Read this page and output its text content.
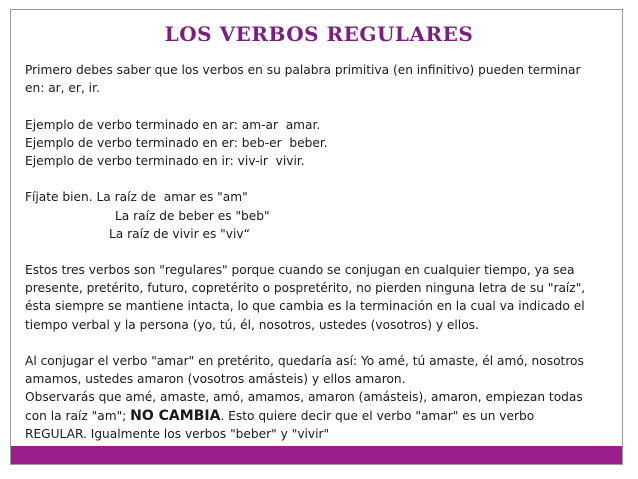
LOS VERBOS REGULARES
Primero debes saber que los verbos en su palabra primitiva (en infinitivo) pueden terminar
en: ar, er, ir.
Ejemplo de verbo terminado en ar: am-ar  amar.
Ejemplo de verbo terminado en er: beb-er  beber.
Ejemplo de verbo terminado en ir: viv-ir  vivir.
Fíjate bien. La raíz de  amar es "am"
La raíz de beber es "beb"
La raíz de vivir es "viv“
Estos tres verbos son "regulares" porque cuando se conjugan en cualquier tiempo, ya sea
presente, pretérito, futuro, copretérito o pospretérito, no pierden ninguna letra de su "raíz",
ésta siempre se mantiene intacta, lo que cambia es la terminación en la cual va indicado el
tiempo verbal y la persona (yo, tú, él, nosotros, ustedes (vosotros) y ellos.
Al conjugar el verbo "amar" en pretérito, quedaría así: Yo amé, tú amaste, él amó, nosotros
amamos, ustedes amaron (vosotros amásteis) y ellos amaron.
Observarás que amé, amaste, amó, amamos, amaron (amásteis), amaron, empiezan todas
con la raíz "am"; NO CAMBIA. Esto quiere decir que el verbo "amar" es un verbo
REGULAR. Igualmente los verbos "beber" y "vivir"
